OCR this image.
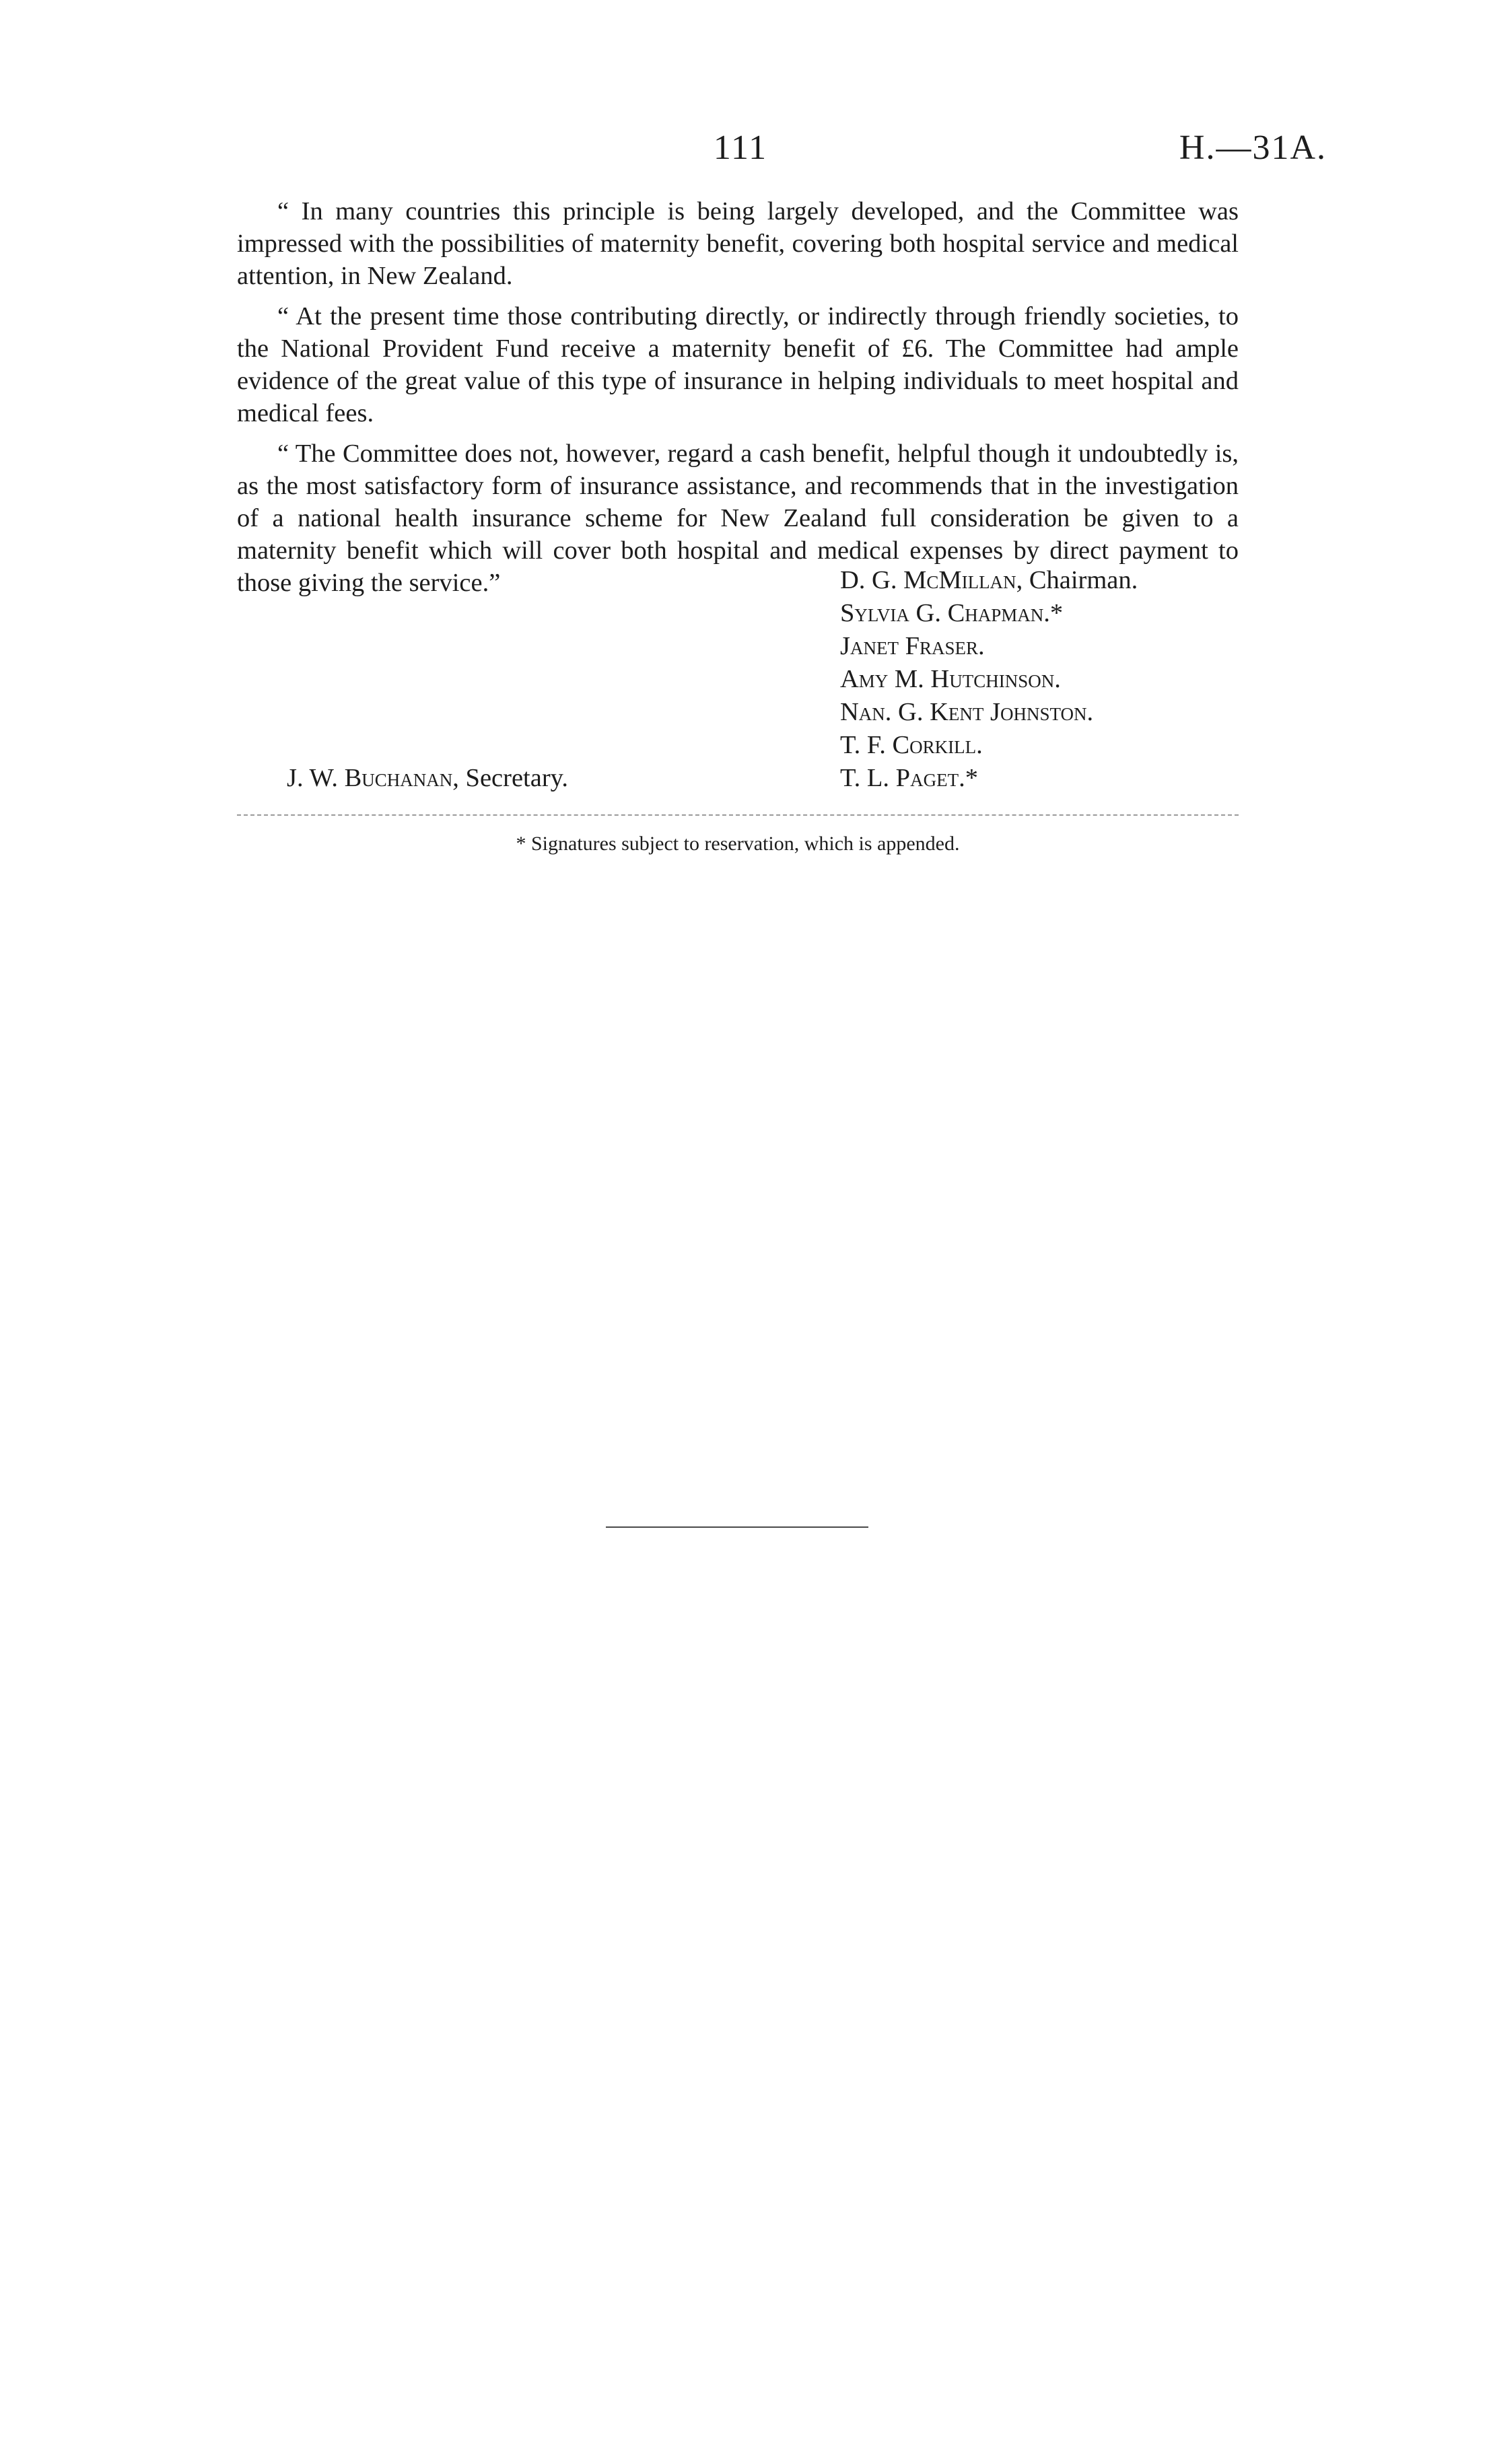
111	H.—31A.

“ In many countries this principle is being largely developed, and the Committee was impressed with the possibilities of maternity benefit, covering both hospital service and medical attention, in New Zealand.

“ At the present time those contributing directly, or indirectly through friendly societies, to the National Provident Fund receive a maternity benefit of £6. The Committee had ample evidence of the great value of this type of insurance in helping individuals to meet hospital and medical fees.

“ The Committee does not, however, regard a cash benefit, helpful though it undoubtedly is, as the most satisfactory form of insurance assistance, and recommends that in the investigation of a national health insurance scheme for New Zealand full consideration be given to a maternity benefit which will cover both hospital and medical expenses by direct payment to those giving the service.”	D. G. McMillan, Chairman.
Sylvia G. Chapman.*
Janet Fraser.
Amy M. Hutchinson.
Nan. G. Kent Johnston.
T. F. Corkill.
T. L. Paget.*
J. W. Buchanan, Secretary.
* Signatures subject to reservation, which is appended.
